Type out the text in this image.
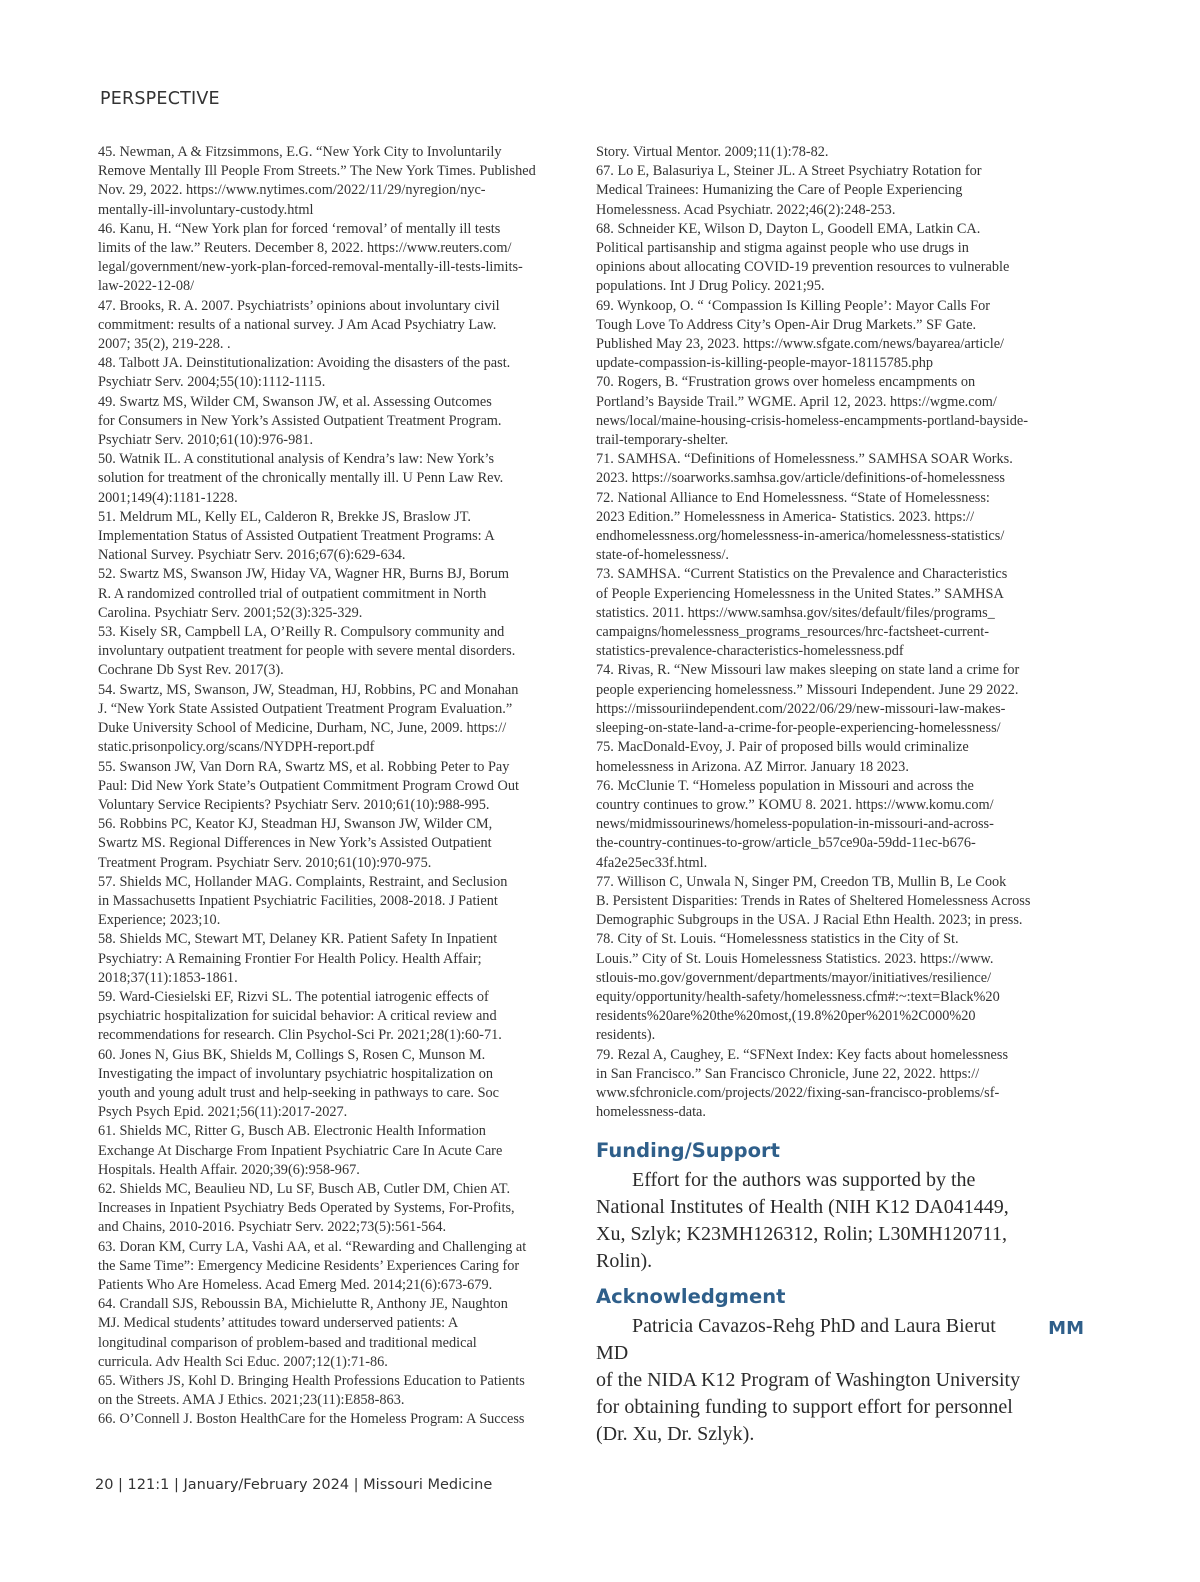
PERSPECTIVE

45. Newman, A & Fitzsimmons, E.G. “New York City to Involuntarily
Remove Mentally Ill People From Streets.” The New York Times. Published
Nov. 29, 2022. https://www.nytimes.com/2022/11/29/nyregion/nyc-
mentally-ill-involuntary-custody.html

46. Kanu, H. “New York plan for forced ‘removal’ of mentally ill tests
limits of the law.” Reuters. December 8, 2022. https://www.reuters.com/
legal/government/new-york-plan-forced-removal-mentally-ill-tests-limits-
law-2022-12-08/

47. Brooks, R. A. 2007. Psychiatrists’ opinions about involuntary civil
commitment: results of a national survey. J Am Acad Psychiatry Law.
2007; 35(2), 219-228. .

48. Talbott JA. Deinstitutionalization: Avoiding the disasters of the past.
Psychiatr Serv. 2004;55(10):1112-1115.

49. Swartz MS, Wilder CM, Swanson JW, et al. Assessing Outcomes
for Consumers in New York’s Assisted Outpatient Treatment Program.
Psychiatr Serv. 2010;61(10):976-981.

50. Watnik IL. A constitutional analysis of Kendra’s law: New York’s
solution for treatment of the chronically mentally ill. U Penn Law Rev.
2001;149(4):1181-1228.

51. Meldrum ML, Kelly EL, Calderon R, Brekke JS, Braslow JT.
Implementation Status of Assisted Outpatient Treatment Programs: A
National Survey. Psychiatr Serv. 2016;67(6):629-634.

52. Swartz MS, Swanson JW, Hiday VA, Wagner HR, Burns BJ, Borum
R. A randomized controlled trial of outpatient commitment in North
Carolina. Psychiatr Serv. 2001;52(3):325-329.

53. Kisely SR, Campbell LA, O’Reilly R. Compulsory community and
involuntary outpatient treatment for people with severe mental disorders.
Cochrane Db Syst Rev. 2017(3).

54. Swartz, MS, Swanson, JW, Steadman, HJ, Robbins, PC and Monahan
J. “New York State Assisted Outpatient Treatment Program Evaluation.”
Duke University School of Medicine, Durham, NC, June, 2009. https://
static.prisonpolicy.org/scans/NYDPH-report.pdf

55. Swanson JW, Van Dorn RA, Swartz MS, et al. Robbing Peter to Pay
Paul: Did New York State’s Outpatient Commitment Program Crowd Out
Voluntary Service Recipients? Psychiatr Serv. 2010;61(10):988-995.

56. Robbins PC, Keator KJ, Steadman HJ, Swanson JW, Wilder CM,
Swartz MS. Regional Differences in New York’s Assisted Outpatient
Treatment Program. Psychiatr Serv. 2010;61(10):970-975.

57. Shields MC, Hollander MAG. Complaints, Restraint, and Seclusion
in Massachusetts Inpatient Psychiatric Facilities, 2008-2018. J Patient
Experience; 2023;10.

58. Shields MC, Stewart MT, Delaney KR. Patient Safety In Inpatient
Psychiatry: A Remaining Frontier For Health Policy. Health Affair;
2018;37(11):1853-1861.

59. Ward-Ciesielski EF, Rizvi SL. The potential iatrogenic effects of
psychiatric hospitalization for suicidal behavior: A critical review and
recommendations for research. Clin Psychol-Sci Pr. 2021;28(1):60-71.

60. Jones N, Gius BK, Shields M, Collings S, Rosen C, Munson M.
Investigating the impact of involuntary psychiatric hospitalization on
youth and young adult trust and help-seeking in pathways to care. Soc
Psych Psych Epid. 2021;56(11):2017-2027.

61. Shields MC, Ritter G, Busch AB. Electronic Health Information
Exchange At Discharge From Inpatient Psychiatric Care In Acute Care
Hospitals. Health Affair. 2020;39(6):958-967.

62. Shields MC, Beaulieu ND, Lu SF, Busch AB, Cutler DM, Chien AT.
Increases in Inpatient Psychiatry Beds Operated by Systems, For-Profits,
and Chains, 2010-2016. Psychiatr Serv. 2022;73(5):561-564.

63. Doran KM, Curry LA, Vashi AA, et al. “Rewarding and Challenging at
the Same Time”: Emergency Medicine Residents’ Experiences Caring for
Patients Who Are Homeless. Acad Emerg Med. 2014;21(6):673-679.

64. Crandall SJS, Reboussin BA, Michielutte R, Anthony JE, Naughton
MJ. Medical students’ attitudes toward underserved patients: A
longitudinal comparison of problem-based and traditional medical
curricula. Adv Health Sci Educ. 2007;12(1):71-86.

65. Withers JS, Kohl D. Bringing Health Professions Education to Patients
on the Streets. AMA J Ethics. 2021;23(11):E858-863.

66. O’Connell J. Boston HealthCare for the Homeless Program: A Success

Story. Virtual Mentor. 2009;11(1):78-82.

67. Lo E, Balasuriya L, Steiner JL. A Street Psychiatry Rotation for
Medical Trainees: Humanizing the Care of People Experiencing
Homelessness. Acad Psychiatr. 2022;46(2):248-253.

68. Schneider KE, Wilson D, Dayton L, Goodell EMA, Latkin CA.
Political partisanship and stigma against people who use drugs in
opinions about allocating COVID-19 prevention resources to vulnerable
populations. Int J Drug Policy. 2021;95.

69. Wynkoop, O. “ ‘Compassion Is Killing People’: Mayor Calls For
Tough Love To Address City’s Open-Air Drug Markets.” SF Gate.
Published May 23, 2023. https://www.sfgate.com/news/bayarea/article/
update-compassion-is-killing-people-mayor-18115785.php

70. Rogers, B. “Frustration grows over homeless encampments on
Portland’s Bayside Trail.” WGME. April 12, 2023. https://wgme.com/
news/local/maine-housing-crisis-homeless-encampments-portland-bayside-
trail-temporary-shelter.

71. SAMHSA. “Definitions of Homelessness.” SAMHSA SOAR Works.
2023. https://soarworks.samhsa.gov/article/definitions-of-homelessness

72. National Alliance to End Homelessness. “State of Homelessness:
2023 Edition.” Homelessness in America- Statistics. 2023. https://
endhomelessness.org/homelessness-in-america/homelessness-statistics/
state-of-homelessness/.

73. SAMHSA. “Current Statistics on the Prevalence and Characteristics
of People Experiencing Homelessness in the United States.” SAMHSA
statistics. 2011. https://www.samhsa.gov/sites/default/files/programs_
campaigns/homelessness_programs_resources/hrc-factsheet-current-
statistics-prevalence-characteristics-homelessness.pdf

74. Rivas, R. “New Missouri law makes sleeping on state land a crime for
people experiencing homelessness.” Missouri Independent. June 29 2022.
https://missouriindependent.com/2022/06/29/new-missouri-law-makes-
sleeping-on-state-land-a-crime-for-people-experiencing-homelessness/

75. MacDonald-Evoy, J. Pair of proposed bills would criminalize
homelessness in Arizona. AZ Mirror. January 18 2023.

76. McClunie T. “Homeless population in Missouri and across the
country continues to grow.” KOMU 8. 2021. https://www.komu.com/
news/midmissourinews/homeless-population-in-missouri-and-across-
the-country-continues-to-grow/article_b57ce90a-59dd-11ec-b676-
4fa2e25ec33f.html.

77. Willison C, Unwala N, Singer PM, Creedon TB, Mullin B, Le Cook
B. Persistent Disparities: Trends in Rates of Sheltered Homelessness Across
Demographic Subgroups in the USA. J Racial Ethn Health. 2023; in press.

78. City of St. Louis. “Homelessness statistics in the City of St.
Louis.” City of St. Louis Homelessness Statistics. 2023. https://www.
stlouis-mo.gov/government/departments/mayor/initiatives/resilience/
equity/opportunity/health-safety/homelessness.cfm#:~:text=Black%20
residents%20are%20the%20most,(19.8%20per%201%2C000%20
residents).

79. Rezal A, Caughey, E. “SFNext Index: Key facts about homelessness
in San Francisco.” San Francisco Chronicle, June 22, 2022. https://
www.sfchronicle.com/projects/2022/fixing-san-francisco-problems/sf-
homelessness-data.

Funding/Support

Effort for the authors was supported by the
National Institutes of Health (NIH K12 DA041449,
Xu, Szlyk; K23MH126312, Rolin; L30MH120711,
Rolin).

Acknowledgment

MM
Patricia Cavazos-Rehg PhD and Laura Bierut MD
of the NIDA K12 Program of Washington University
for obtaining funding to support effort for personnel
(Dr. Xu, Dr. Szlyk).

20 | 121:1 | January/February 2024 | Missouri Medicine
